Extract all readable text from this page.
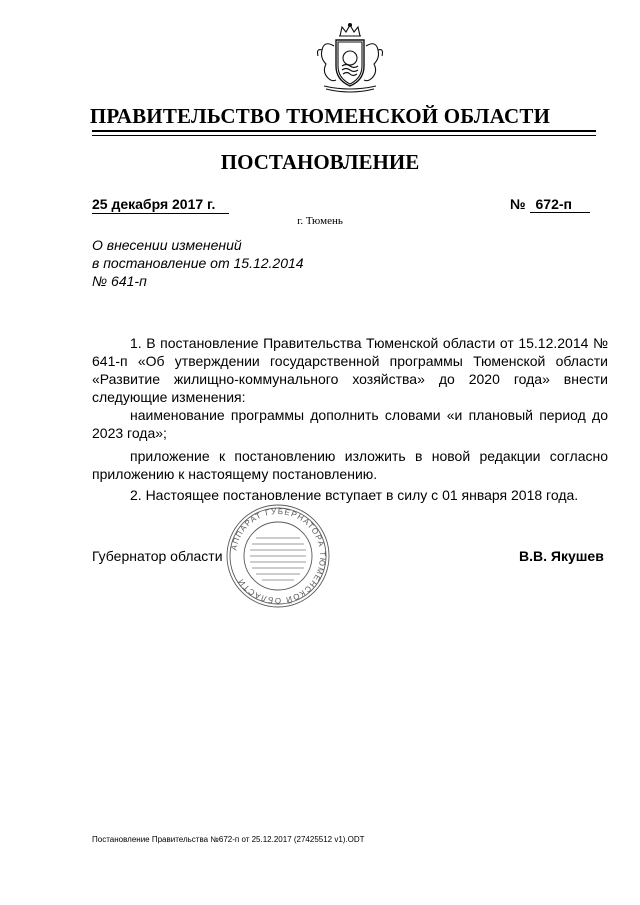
ПРАВИТЕЛЬСТВО ТЮМЕНСКОЙ ОБЛАСТИ
ПОСТАНОВЛЕНИЕ
25 декабря 2017 г.	№ 672-п
г. Тюмень
О внесении изменений
в постановление от 15.12.2014
№ 641-п
1. В постановление Правительства Тюменской области от 15.12.2014 № 641-п «Об утверждении государственной программы Тюменской области «Развитие жилищно-коммунального хозяйства» до 2020 года» внести следующие изменения:
наименование программы дополнить словами «и плановый период до 2023 года»;
приложение к постановлению изложить в новой редакции согласно приложению к настоящему постановлению.
2. Настоящее постановление вступает в силу с 01 января 2018 года.
АППАРАТ ГУБЕРНАТОРА ТЮМЕНСКОЙ ОБЛАСТИ
Губернатор области	В.В. Якушев
Постановление Правительства №672-п от 25.12.2017 (27425512 v1).ODT
